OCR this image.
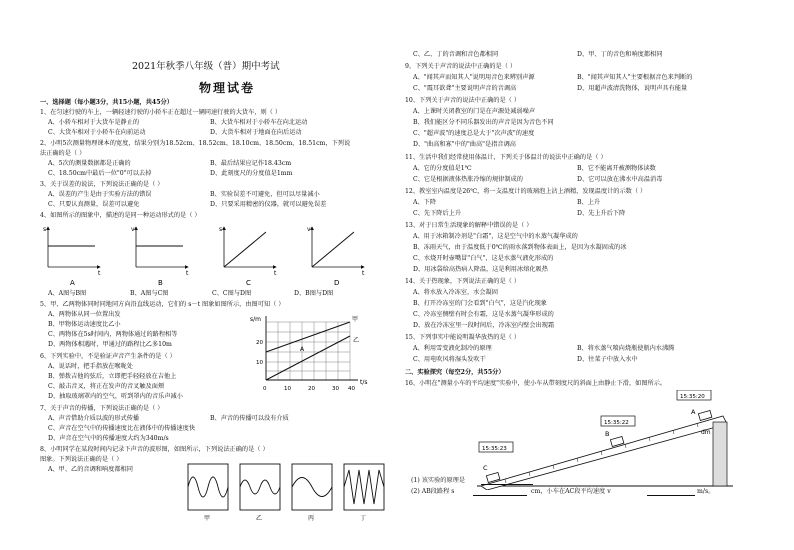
2021年秋季八年级（普）期中考试
物理试卷
一、选择题（每小题3分，共15小题，共45分）
1、在匀速行驶的车上，一辆轻速行驶的小轿车正在超过一辆同速行驶的大货车，则（ ）
A、小轿车相对于大货车是静止的	B、大货车相对于小轿车在向北运动
C、大货车相对于小轿车在向前运动	D、大货车相对于地面在向后运动
2、小明5次测量物理课本的宽度，结果分别为18.52cm、18.52cm、18.10cm、18.50cm、18.51cm，下列说
法正确的是（ ）
A、5次的测量数据都是正确的	B、最后结果应记作18.43cm
C、18.50cm中最后一位"0"可以去掉	D、此刻度尺的分度值是1mm
3、关于误差的说法，下列说法正确的是（ ）
A、误差的产生是由于实验方法的错误	B、实验误差不可避免，但可以尽量减小
C、只要认真测量，误差可以避免	D、只要采用精密的仪器，就可以避免误差
4、如图所示的图象中，描述的是同一种运动形式的是（ ）
s
t
A
v
t
B
s
t
C
v
t
D
A、A图与B图	B、A图与C图	C、C图与D图	D、B图与D图
5、甲、乙两物体同时同地同方向沿直线运动，它们的 s－t 图象如图所示，由图可知（ ）
A、两物体从同一位置出发
B、甲物体运动速度比乙小
C、两物体在5s时间内，两物体通过的路程相等
D、两物体相遇时，甲通过的路程比乙多10m
s/m
t/s
甲
乙
A
10
20
0	10	20	30 40
6、下列实验中，不是验证声音产生条件的是（ ）
A、说话时，把手指放在喉咙处
B、弹拨吉他的弦后，立即把手轻轻放在吉他上
C、敲击音叉，将正在发声的音叉触及面颊
D、抽取玻璃罩内的空气，听到罩内的音乐声减小
7、关于声音的传播，下列说法正确的是（ ）
A、声音借助介质以波的形式传播	B、声音的传播可以没有介质
C、声音在空气中的传播速度比在液体中的传播速度快
D、声音在空气中的传播速度大约为340m/s
8、小明同学在某段时间内记录下声音的波形图，如图所示，下列说法正确的是（ ）
图象。下列说法正确的是（ ）
A、甲、乙的音调和响度都相同
甲	乙	丙	丁
C、乙、丁的音调和音色都相同	D、甲、丁的音色和响度都相同
9、下列关于声音的说法中正确的是（ ）
A、"闻其声而知其人"说明用音色来辨别声源	B、"闻其声知其人"主要根据音色来判断的
C、"震耳欲聋"主要说明声音的音调高	D、用超声波清洗物体，说明声具有能量
10、下列关于声音的说法中正确的是（ ）
A、上课时关闭教室的门是在声源处减弱噪声
B、我们能区分不同乐器发出的声音是因为音色不同
C、"超声波"的速度总是大于"次声波"的速度
D、"曲高和寡"中的"曲高"是指音调高
11、生活中我们经常使用体温计，下列关于体温计的说法中正确的是（ ）
A、它的分度值是1℃	B、它不能离开被测物体读数
C、它是根据液体热胀冷缩的规律制成的	D、它可以放在沸水中高温消毒
12、教室室内温度是26℃，将一支温度计的玻璃泡上沾上酒精，发现温度计的示数（ ）
A、下降	B、上升
C、先下降后上升	D、先上升后下降
13、对于日常生活现象的解释中错误的是（ ）
A、用于冰箱制冷剂是"白霜"，这是空气中的水蒸气凝华成的
B、冻雨天气，由于温度低于0℃的雨水落到物体表面上，是因为水凝固成的冰
C、水烧开时壶嘴冒"白气"，这是水蒸气液化形成的
D、用冰袋给高热病人降温，这是利用冰熔化吸热
14、关于热现象，下列说法正确的是（ ）
A、将水放入冷冻室，水会凝固
B、打开冷冻室的门会看到"白气"，这是汽化现象
C、冷冻室侧壁有时会有霜，这是水蒸气凝华形成的
D、放在冷冻室里一段时间后，冷冻室内壁会出现霜
15、下列事实中能说明凝华放热的是（ ）
A、利用雪变液化制冷的原理	B、将水蒸气喷向烧瓶使瓶内水沸腾
C、用电吹风将湿头发吹干	D、往菜子中放入水中
二、实验探究（每空2分，共55分）
16、小明在"测量小车的平均速度"实验中，使小车从带刻度尺的斜面上由静止下滑，如图所示。
15:35:20
15:35:22
15:35:23
A
B
C
dm
(1) 该实验的原理是
(2) AB段路程 s	cm，小车在AC段平均速度 v	m/s。
